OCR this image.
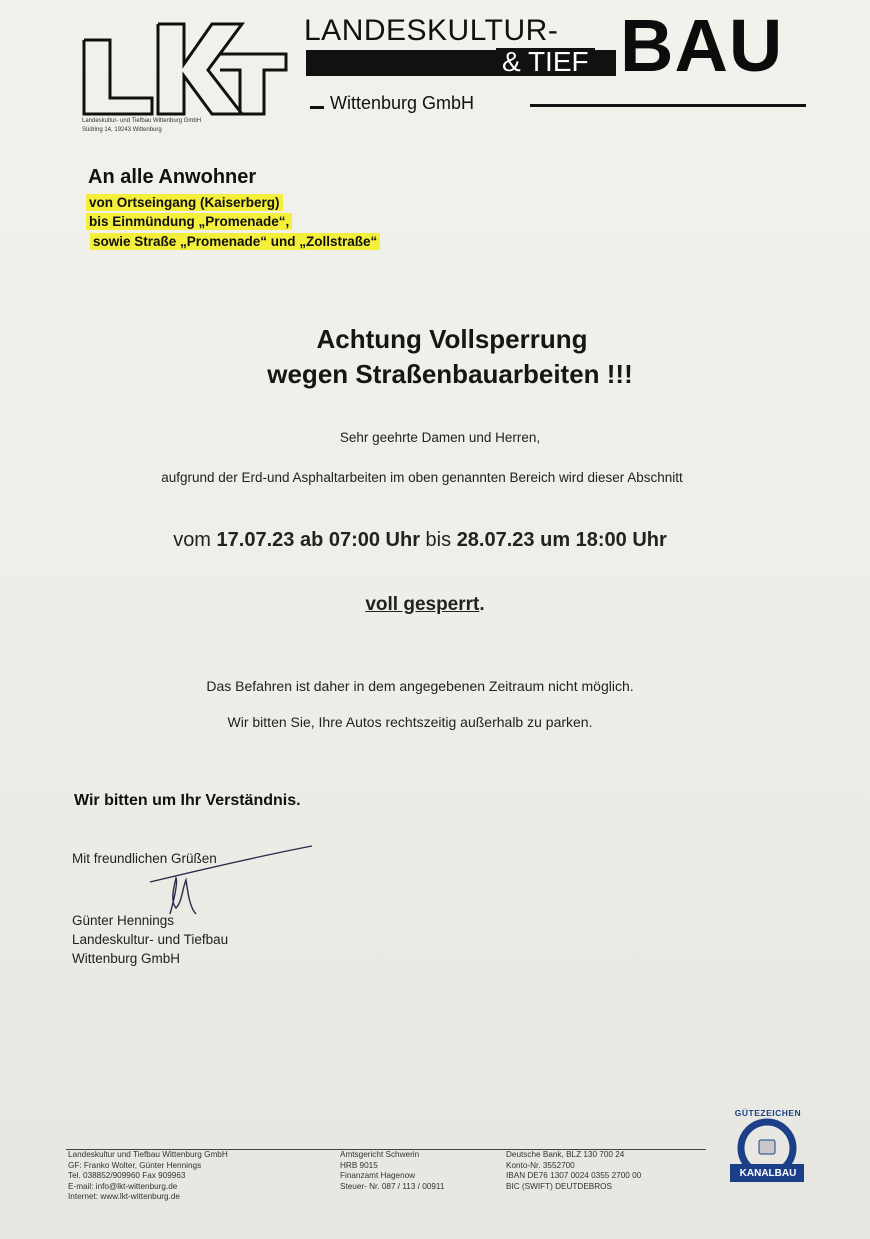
Landeskultur- und Tiefbau Wittenburg GmbH
Südring 14, 19243 Wittenburg
LANDESKULTUR-
& TIEF BAU
Wittenburg GmbH
An alle Anwohner
von Ortseingang (Kaiserberg)
bis Einmündung „Promenade“,
sowie Straße „Promenade“ und „Zollstraße“
Achtung Vollsperrung
wegen Straßenbauarbeiten !!!
Sehr geehrte Damen und Herren,
aufgrund der Erd-und Asphaltarbeiten im oben genannten Bereich wird dieser Abschnitt
vom 17.07.23 ab 07:00 Uhr bis 28.07.23 um 18:00 Uhr
voll gesperrt.
Das Befahren ist daher in dem angegebenen Zeitraum nicht möglich.
Wir bitten Sie, Ihre Autos rechtszeitig außerhalb zu parken.
Wir bitten um Ihr Verständnis.
Mit freundlichen Grüßen
Günter Hennings
Landeskultur- und Tiefbau
Wittenburg GmbH
Landeskultur und Tiefbau Wittenburg GmbH
GF: Franko Wolter, Günter Hennings
Tel. 038852/909960 Fax 909963
E-mail: info@lkt-wittenburg.de
Internet: www.lkt-wittenburg.de
Amtsgericht Schwerin
HRB 9015
Finanzamt Hagenow
Steuer- Nr. 087 / 113 / 00911
Deutsche Bank, BLZ 130 700 24
Konto-Nr. 3552700
IBAN DE76 1307 0024 0355 2700 00
BIC (SWIFT) DEUTDEBROS
GÜTEZEICHEN
KANALBAU
